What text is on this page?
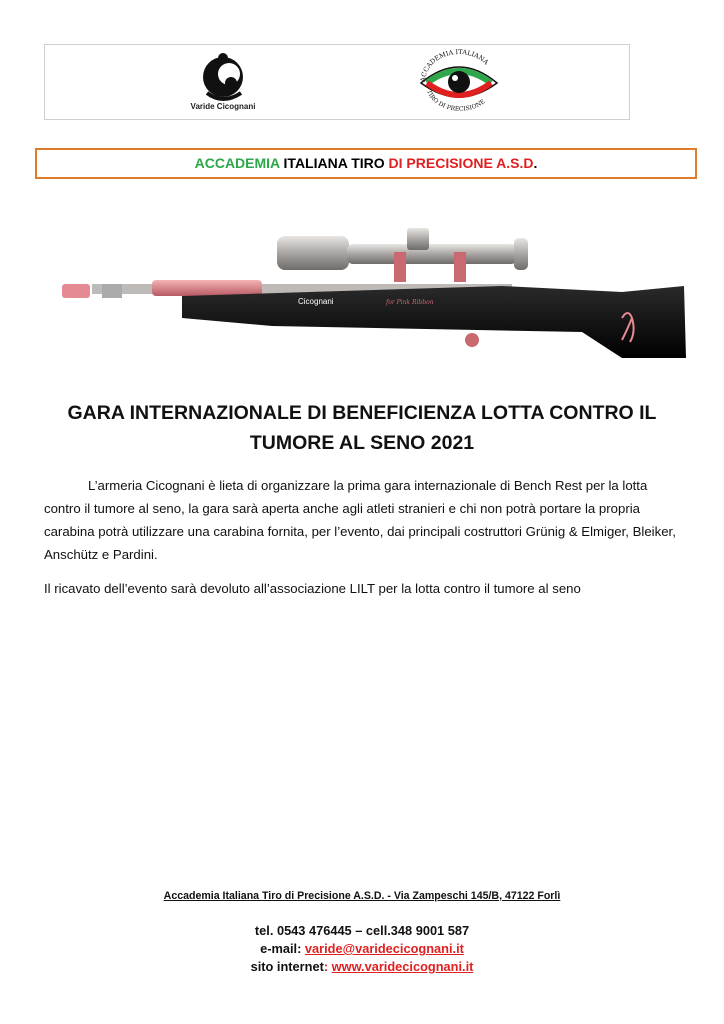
Varide Cicognani
ACCADEMIA ITALIANA
TIRO DI PRECISIONE
ACCADEMIA ITALIANA TIRO DI PRECISIONE A.S.D.
Cicognani	for Pink Ribbon
GARA INTERNAZIONALE DI BENEFICIENZA LOTTA CONTRO IL
TUMORE AL SENO 2021

L’armeria Cicognani è lieta di organizzare la prima gara internazionale di Bench Rest per la lotta contro il tumore al seno, la gara sarà aperta anche agli atleti stranieri e chi non potrà portare la propria carabina potrà utilizzare una carabina fornita, per l’evento, dai principali costruttori Grünig & Elmiger, Bleiker, Anschütz e Pardini.

Il ricavato dell’evento sarà devoluto all’associazione LILT per la lotta contro il tumore al seno

Accademia Italiana Tiro di Precisione A.S.D. - Via Zampeschi 145/B, 47122 Forlì
tel. 0543 476445 – cell.348 9001 587
e-mail: varide@varidecicognani.it
sito internet: www.varidecicognani.it
